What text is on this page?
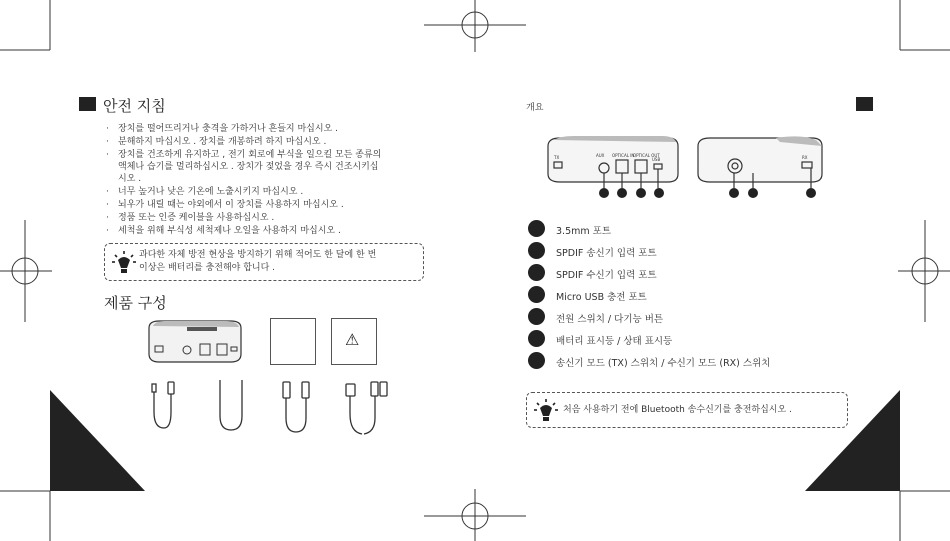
안전 지침
· 장치를 떨어뜨리거나 충격을 가하거나 흔들지 마십시오 .
· 분해하지 마십시오 . 장치를 개봉하려 하지 마십시오 .
· 장치를 건조하게 유지하고 , 전기 회로에 부식을 일으킬 모든 종류의
액체나 습기를 멀리하십시오 . 장치가 젖었을 경우 즉시 건조시키십
시오 .
· 너무 높거나 낮은 기온에 노출시키지 마십시오 .
· 뇌우가 내릴 때는 야외에서 이 장치를 사용하지 마십시오 .
· 정품 또는 인증 케이블을 사용하십시오 .
· 세척을 위해 부식성 세척제나 오일을 사용하지 마십시오 .
과다한 자체 방전 현상을 방지하기 위해 적어도 한 달에 한 번
이상은 배터리를 충전해야 합니다 .
제품 구성
⚠
개요
AUX OPTICAL IN
OPTICAL OUT
USB
TX	RX
3.5mm 포트
SPDIF 송신기 입력 포트
SPDIF 수신기 입력 포트
Micro USB 충전 포트
전원 스위치 / 다기능 버튼
배터리 표시등 / 상태 표시등
송신기 모드 (TX) 스위치 / 수신기 모드 (RX) 스위치
처음 사용하기 전에 Bluetooth 송수신기를 충전하십시오 .
